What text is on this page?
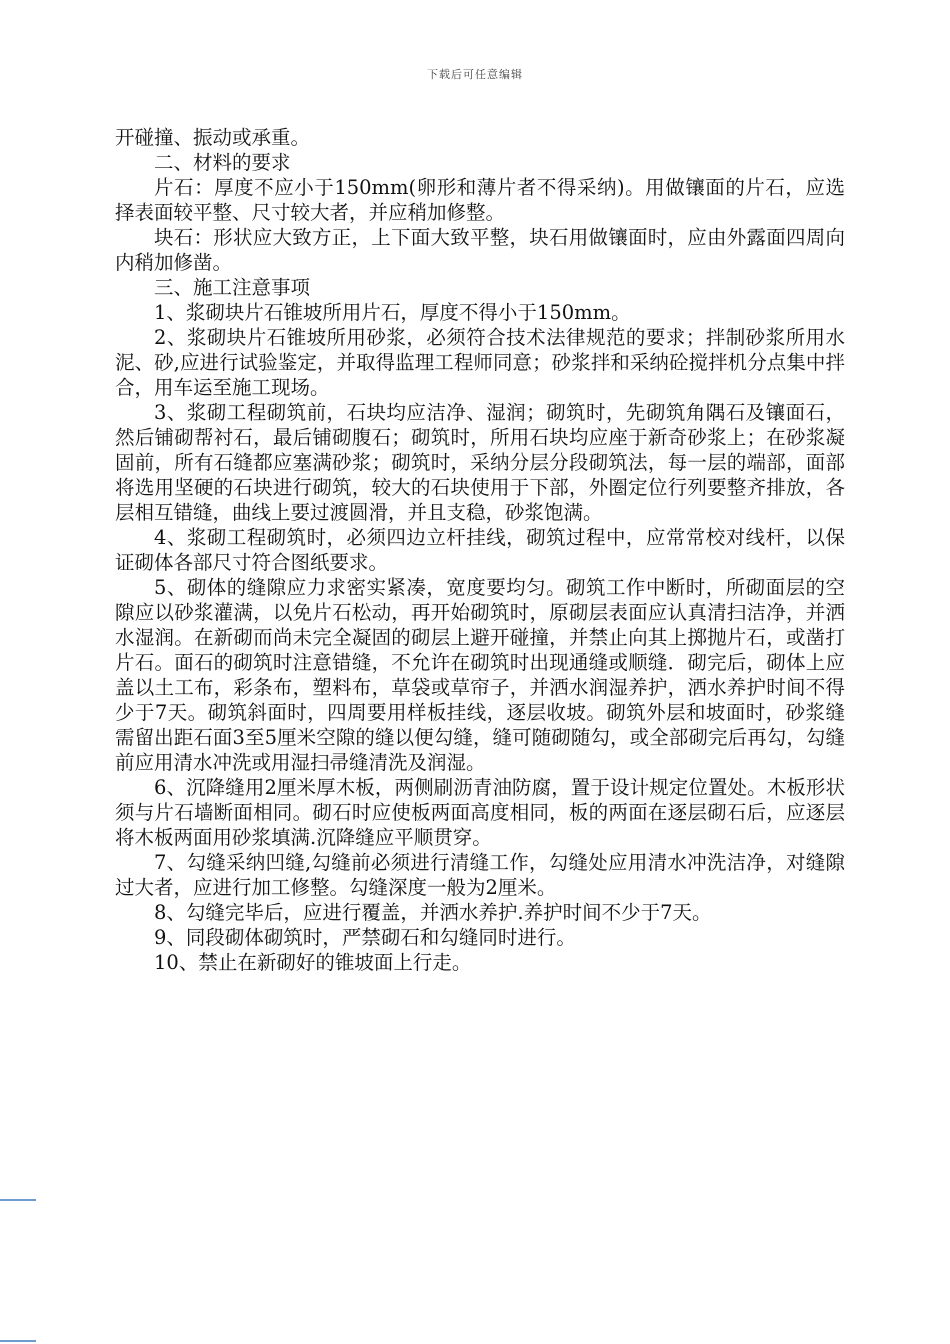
下载后可任意编辑

开碰撞、振动或承重。

二、材料的要求

片石：厚度不应小于150mm(卵形和薄片者不得采纳)。用做镶面的片石，应选择表面较平整、尺寸较大者，并应稍加修整。

块石：形状应大致方正，上下面大致平整，块石用做镶面时，应由外露面四周向内稍加修凿。

三、施工注意事项

1、浆砌块片石锥坡所用片石，厚度不得小于150mm。

2、浆砌块片石锥坡所用砂浆，必须符合技术法律规范的要求；拌制砂浆所用水泥、砂,应进行试验鉴定，并取得监理工程师同意；砂浆拌和采纳砼搅拌机分点集中拌合，用车运至施工现场。

3、浆砌工程砌筑前，石块均应洁净、湿润；砌筑时，先砌筑角隅石及镶面石，然后铺砌帮衬石，最后铺砌腹石；砌筑时，所用石块均应座于新奇砂浆上；在砂浆凝固前，所有石缝都应塞满砂浆；砌筑时，采纳分层分段砌筑法，每一层的端部，面部将选用坚硬的石块进行砌筑，较大的石块使用于下部，外圈定位行列要整齐排放，各层相互错缝，曲线上要过渡圆滑，并且支稳，砂浆饱满。

4、浆砌工程砌筑时，必须四边立杆挂线，砌筑过程中，应常常校对线杆，以保证砌体各部尺寸符合图纸要求。

5、砌体的缝隙应力求密实紧凑，宽度要均匀。砌筑工作中断时，所砌面层的空隙应以砂浆灌满，以免片石松动，再开始砌筑时，原砌层表面应认真清扫洁净，并洒水湿润。在新砌而尚未完全凝固的砌层上避开碰撞，并禁止向其上掷抛片石，或凿打片石。面石的砌筑时注意错缝，不允许在砌筑时出现通缝或顺缝．砌完后，砌体上应盖以土工布，彩条布，塑料布，草袋或草帘子，并洒水润湿养护，洒水养护时间不得少于7天。砌筑斜面时，四周要用样板挂线，逐层收坡。砌筑外层和坡面时，砂浆缝需留出距石面3至5厘米空隙的缝以便勾缝，缝可随砌随勾，或全部砌完后再勾，勾缝前应用清水冲洗或用湿扫帚缝清洗及润湿。

6、沉降缝用2厘米厚木板，两侧刷沥青油防腐，置于设计规定位置处。木板形状须与片石墙断面相同。砌石时应使板两面高度相同，板的两面在逐层砌石后，应逐层将木板两面用砂浆填满.沉降缝应平顺贯穿。

7、勾缝采纳凹缝,勾缝前必须进行清缝工作，勾缝处应用清水冲洗洁净，对缝隙过大者，应进行加工修整。勾缝深度一般为2厘米。

8、勾缝完毕后，应进行覆盖，并洒水养护.养护时间不少于7天。

9、同段砌体砌筑时，严禁砌石和勾缝同时进行。

10、禁止在新砌好的锥坡面上行走。
